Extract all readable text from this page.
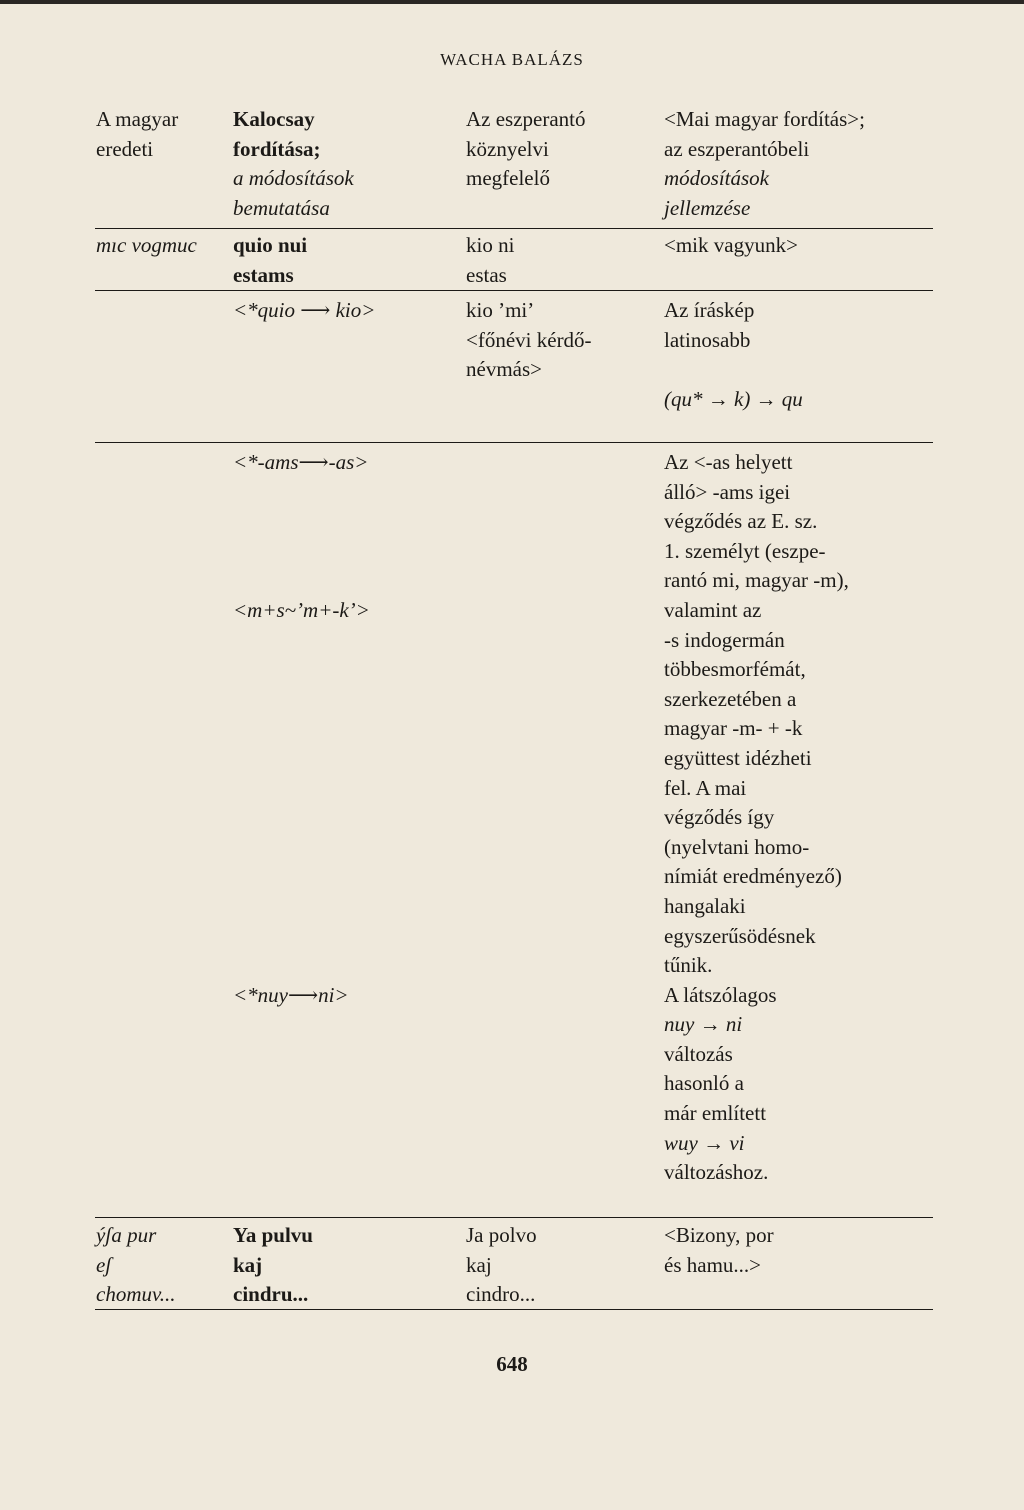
WACHA BALÁZS
A magyar
eredeti
Kalocsay
fordítása;
a módosítások
bemutatása
Az eszperantó
köznyelvi
megfelelő
<Mai magyar fordítás>;
az eszperantóbeli
módosítások
jellemzése
mıc vogmuc	quio nui
estams
kio ni
estas
<mik vagyunk>
<*quio ⟶ kio>	kio ’mi’
<főnévi kérdő-
névmás>
Az íráskép
latinosabb
(qu* → k) → qu
<*-ams⟶-as>
<m+s~’m+-k’>
<*nuy⟶ni>
Az <-as helyett
álló> -ams igei
végződés az E. sz.
1. személyt (eszpe-
rantó mi, magyar -m),
valamint az
-s indogermán
többesmorfémát,
szerkezetében a
magyar -m- + -k
együttest idézheti
fel. A mai
végződés így
(nyelvtani homo-
nímiát eredményező)
hangalaki
egyszerűsödésnek
tűnik.
A látszólagos
nuy → ni
változás
hasonló a
már említett
wuy → vi
változáshoz.
ýʃa pur
eʃ
chomuv...
Ya pulvu
kaj
cindru...
Ja polvo
kaj
cindro...
<Bizony, por
és hamu...>
648
